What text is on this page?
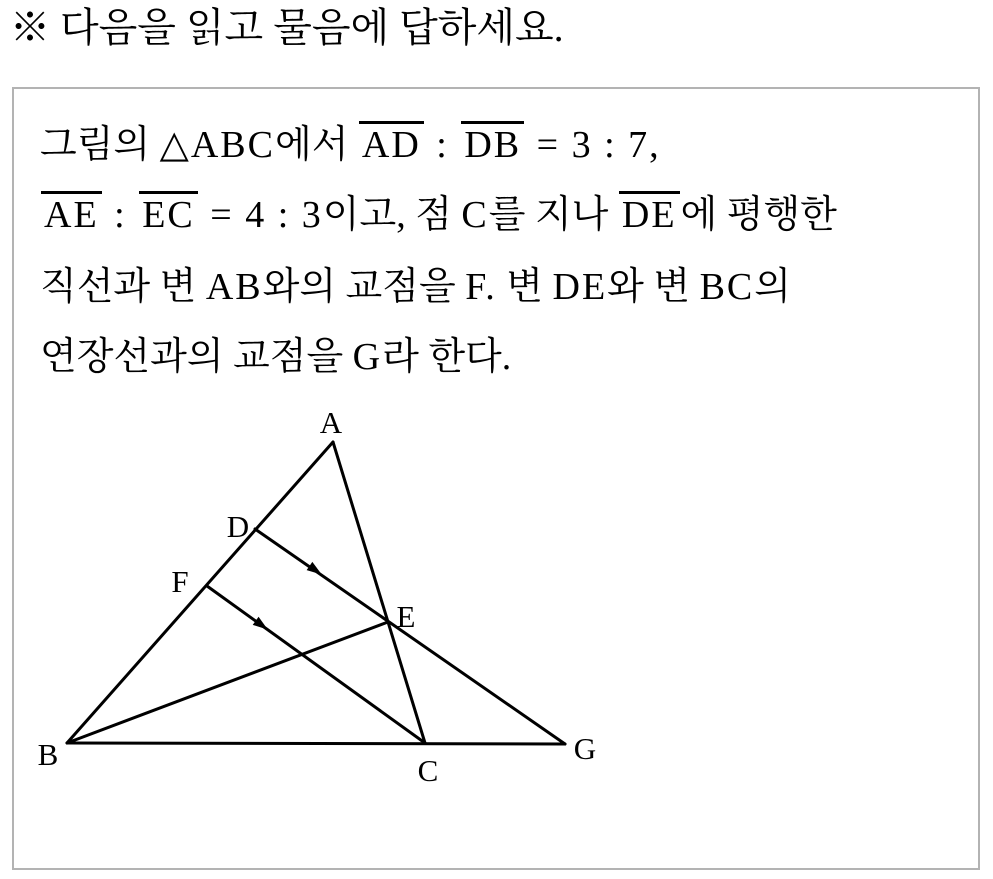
※ 다음을 읽고 물음에 답하세요.
그림의 △ABC에서 AD : DB = 3 : 7,
AE : EC = 4 : 3이고, 점 C를 지나 DE 에 평행한
직선과 변 AB와의 교점을 F. 변 DE와 변 BC의
연장선과의 교점을 G라 한다.
A
B	C
D
E
F
G
